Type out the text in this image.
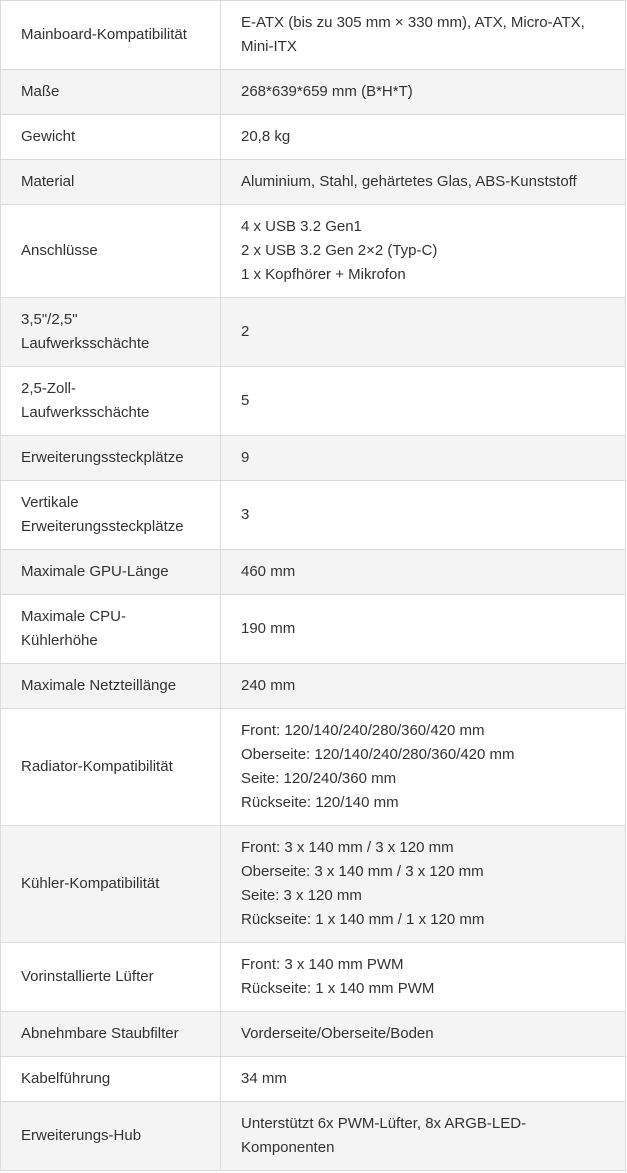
Mainboard-Kompatibilität	E-ATX (bis zu 305 mm × 330 mm), ATX, Micro-ATX, Mini-ITX

Maße	268*639*659 mm (B*H*T)

Gewicht	20,8 kg

Material	Aluminium, Stahl, gehärtetes Glas, ABS-Kunststoff

Anschlüsse	4 x USB 3.2 Gen1
2 x USB 3.2 Gen 2×2 (Typ-C)
1 x Kopfhörer + Mikrofon

3,5"/2,5" Laufwerksschächte	2

2,5-Zoll-Laufwerksschächte	5

Erweiterungssteckplätze	9

Vertikale Erweiterungssteckplätze	3

Maximale GPU-Länge	460 mm

Maximale CPU-Kühlerhöhe	190 mm

Maximale Netzteillänge	240 mm

Radiator-Kompatibilität	Front: 120/140/240/280/360/420 mm
Oberseite: 120/140/240/280/360/420 mm
Seite: 120/240/360 mm
Rückseite: 120/140 mm

Kühler-Kompatibilität	Front: 3 x 140 mm / 3 x 120 mm
Oberseite: 3 x 140 mm / 3 x 120 mm
Seite: 3 x 120 mm
Rückseite: 1 x 140 mm / 1 x 120 mm

Vorinstallierte Lüfter	Front: 3 x 140 mm PWM
Rückseite: 1 x 140 mm PWM

Abnehmbare Staubfilter	Vorderseite/Oberseite/Boden

Kabelführung	34 mm

Erweiterungs-Hub	Unterstützt 6x PWM-Lüfter, 8x ARGB-LED-Komponenten
